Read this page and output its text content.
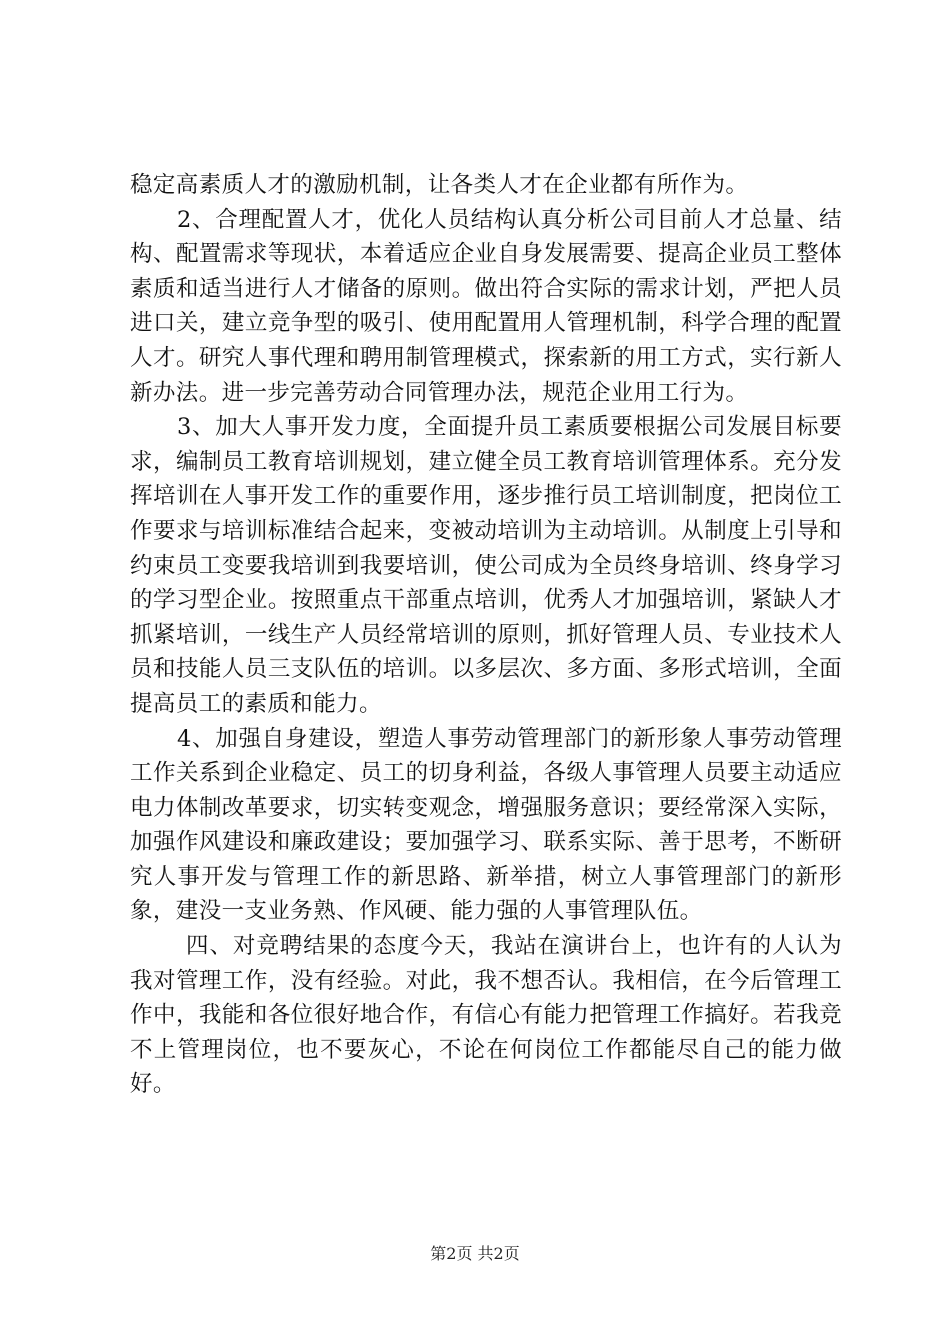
稳定高素质人才的激励机制，让各类人才在企业都有所作为。

2、合理配置人才，优化人员结构认真分析公司目前人才总量、结构、配置需求等现状，本着适应企业自身发展需要、提高企业员工整体素质和适当进行人才储备的原则。做出符合实际的需求计划，严把人员进口关，建立竞争型的吸引、使用配置用人管理机制，科学合理的配置人才。研究人事代理和聘用制管理模式，探索新的用工方式，实行新人新办法。进一步完善劳动合同管理办法，规范企业用工行为。

3、加大人事开发力度，全面提升员工素质要根据公司发展目标要求，编制员工教育培训规划，建立健全员工教育培训管理体系。充分发挥培训在人事开发工作的重要作用，逐步推行员工培训制度，把岗位工作要求与培训标准结合起来，变被动培训为主动培训。从制度上引导和约束员工变要我培训到我要培训，使公司成为全员终身培训、终身学习的学习型企业。按照重点干部重点培训，优秀人才加强培训，紧缺人才抓紧培训，一线生产人员经常培训的原则，抓好管理人员、专业技术人员和技能人员三支队伍的培训。以多层次、多方面、多形式培训，全面提高员工的素质和能力。

4、加强自身建设，塑造人事劳动管理部门的新形象人事劳动管理工作关系到企业稳定、员工的切身利益，各级人事管理人员要主动适应电力体制改革要求，切实转变观念，增强服务意识；要经常深入实际，加强作风建设和廉政建设；要加强学习、联系实际、善于思考，不断研究人事开发与管理工作的新思路、新举措，树立人事管理部门的新形象，建没一支业务熟、作风硬、能力强的人事管理队伍。

四、对竞聘结果的态度今天，我站在演讲台上，也许有的人认为我对管理工作，没有经验。对此，我不想否认。我相信，在今后管理工作中，我能和各位很好地合作，有信心有能力把管理工作搞好。若我竞不上管理岗位，也不要灰心，不论在何岗位工作都能尽自己的能力做好。

第2页 共2页
